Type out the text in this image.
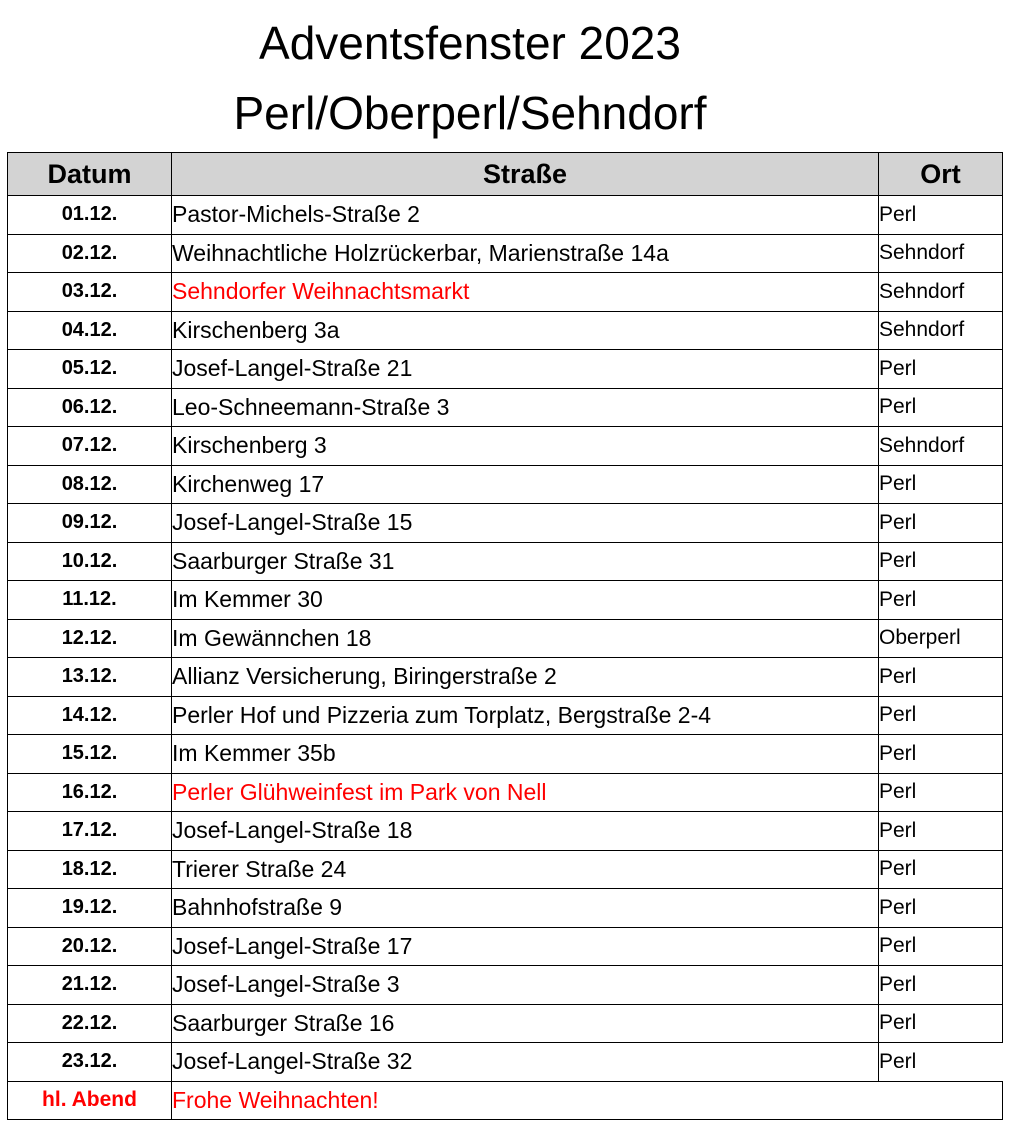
Adventsfenster 2023
Perl/Oberperl/Sehndorf
Datum	Straße	Ort
01.12.	Pastor-Michels-Straße 2	Perl
02.12.	Weihnachtliche Holzrückerbar, Marienstraße 14a	Sehndorf
03.12.	Sehndorfer Weihnachtsmarkt	Sehndorf
04.12.	Kirschenberg 3a	Sehndorf
05.12.	Josef-Langel-Straße 21	Perl
06.12.	Leo-Schneemann-Straße 3	Perl
07.12.	Kirschenberg 3	Sehndorf
08.12.	Kirchenweg 17	Perl
09.12.	Josef-Langel-Straße 15	Perl
10.12.	Saarburger Straße 31	Perl
11.12.	Im Kemmer 30	Perl
12.12.	Im Gewännchen 18	Oberperl
13.12.	Allianz Versicherung, Biringerstraße 2	Perl
14.12.	Perler Hof und Pizzeria zum Torplatz, Bergstraße 2-4	Perl
15.12.	Im Kemmer 35b	Perl
16.12.	Perler Glühweinfest im Park von Nell	Perl
17.12.	Josef-Langel-Straße 18	Perl
18.12.	Trierer Straße 24	Perl
19.12.	Bahnhofstraße 9	Perl
20.12.	Josef-Langel-Straße 17	Perl
21.12.	Josef-Langel-Straße 3	Perl
22.12.	Saarburger Straße 16	Perl
23.12.	Josef-Langel-Straße 32	Perl
hl. Abend	Frohe Weihnachten!	
